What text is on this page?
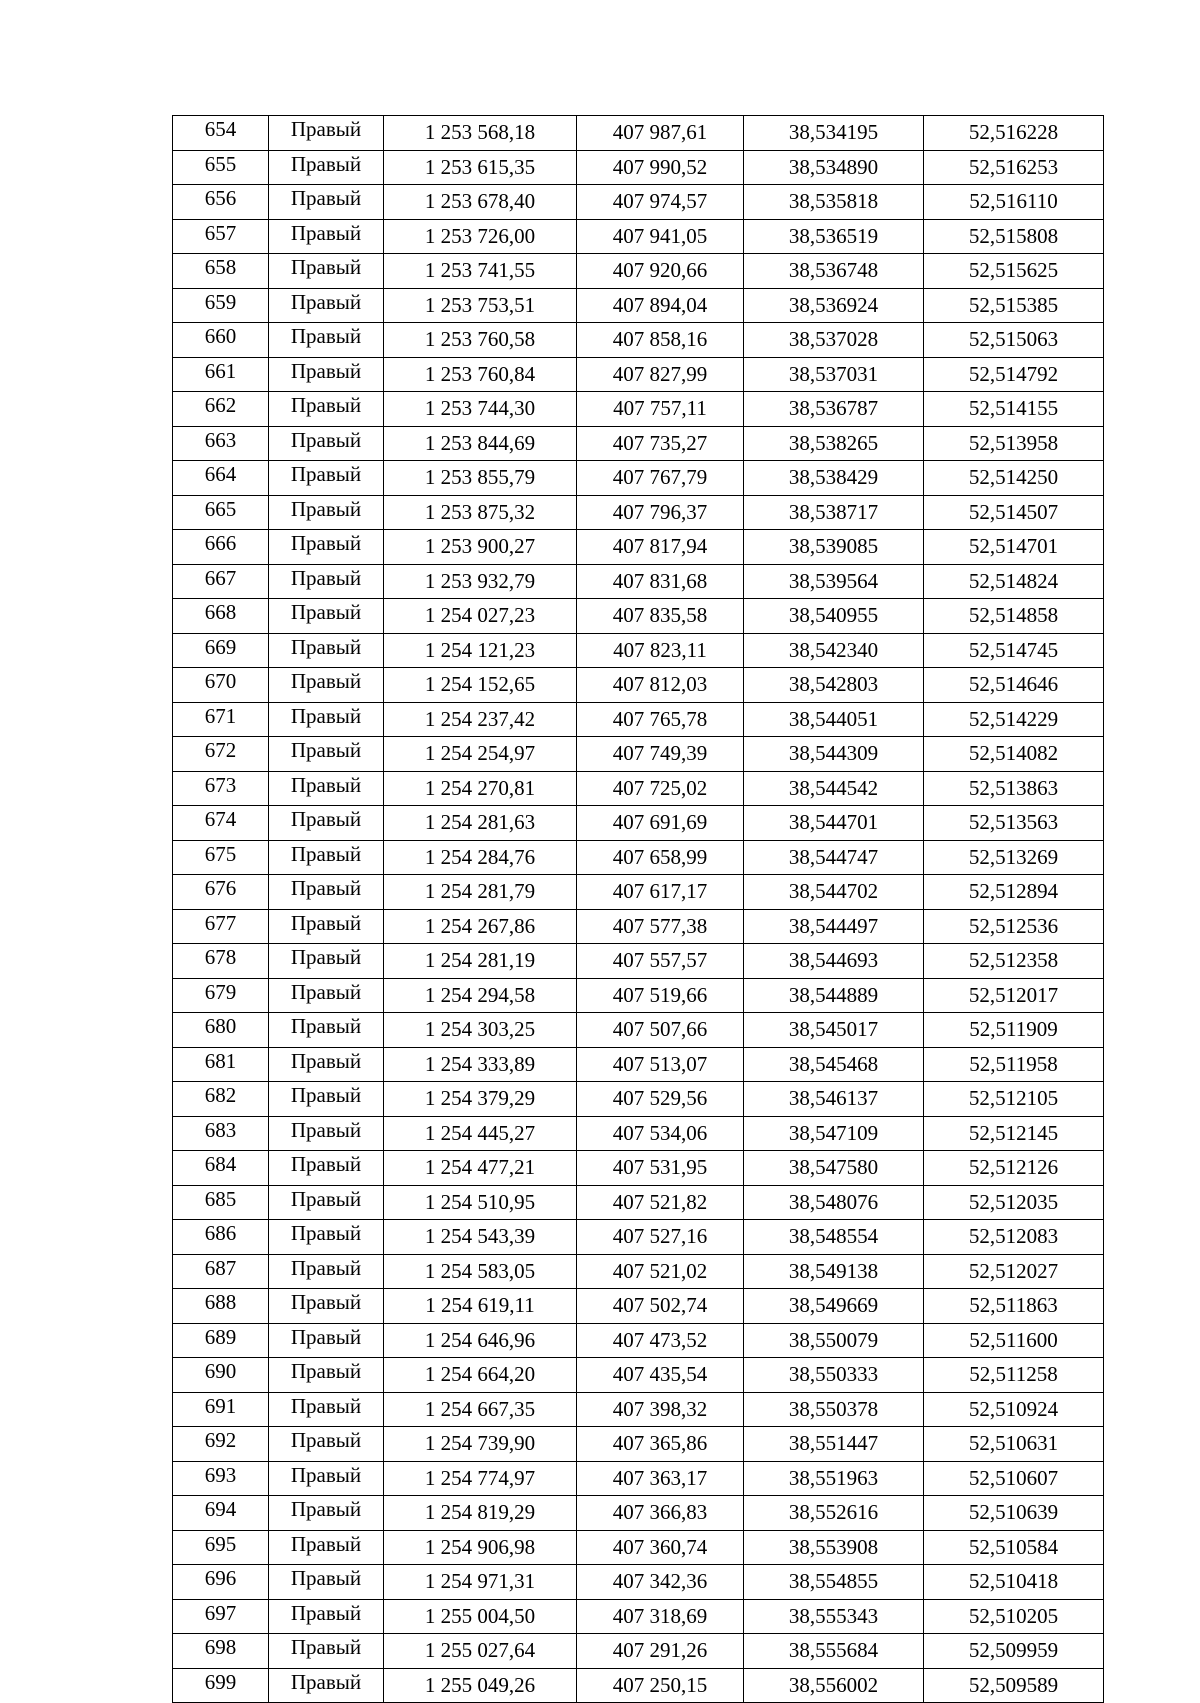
654	Правый	1 253 568,18	407 987,61	38,534195	52,516228
655	Правый	1 253 615,35	407 990,52	38,534890	52,516253
656	Правый	1 253 678,40	407 974,57	38,535818	52,516110
657	Правый	1 253 726,00	407 941,05	38,536519	52,515808
658	Правый	1 253 741,55	407 920,66	38,536748	52,515625
659	Правый	1 253 753,51	407 894,04	38,536924	52,515385
660	Правый	1 253 760,58	407 858,16	38,537028	52,515063
661	Правый	1 253 760,84	407 827,99	38,537031	52,514792
662	Правый	1 253 744,30	407 757,11	38,536787	52,514155
663	Правый	1 253 844,69	407 735,27	38,538265	52,513958
664	Правый	1 253 855,79	407 767,79	38,538429	52,514250
665	Правый	1 253 875,32	407 796,37	38,538717	52,514507
666	Правый	1 253 900,27	407 817,94	38,539085	52,514701
667	Правый	1 253 932,79	407 831,68	38,539564	52,514824
668	Правый	1 254 027,23	407 835,58	38,540955	52,514858
669	Правый	1 254 121,23	407 823,11	38,542340	52,514745
670	Правый	1 254 152,65	407 812,03	38,542803	52,514646
671	Правый	1 254 237,42	407 765,78	38,544051	52,514229
672	Правый	1 254 254,97	407 749,39	38,544309	52,514082
673	Правый	1 254 270,81	407 725,02	38,544542	52,513863
674	Правый	1 254 281,63	407 691,69	38,544701	52,513563
675	Правый	1 254 284,76	407 658,99	38,544747	52,513269
676	Правый	1 254 281,79	407 617,17	38,544702	52,512894
677	Правый	1 254 267,86	407 577,38	38,544497	52,512536
678	Правый	1 254 281,19	407 557,57	38,544693	52,512358
679	Правый	1 254 294,58	407 519,66	38,544889	52,512017
680	Правый	1 254 303,25	407 507,66	38,545017	52,511909
681	Правый	1 254 333,89	407 513,07	38,545468	52,511958
682	Правый	1 254 379,29	407 529,56	38,546137	52,512105
683	Правый	1 254 445,27	407 534,06	38,547109	52,512145
684	Правый	1 254 477,21	407 531,95	38,547580	52,512126
685	Правый	1 254 510,95	407 521,82	38,548076	52,512035
686	Правый	1 254 543,39	407 527,16	38,548554	52,512083
687	Правый	1 254 583,05	407 521,02	38,549138	52,512027
688	Правый	1 254 619,11	407 502,74	38,549669	52,511863
689	Правый	1 254 646,96	407 473,52	38,550079	52,511600
690	Правый	1 254 664,20	407 435,54	38,550333	52,511258
691	Правый	1 254 667,35	407 398,32	38,550378	52,510924
692	Правый	1 254 739,90	407 365,86	38,551447	52,510631
693	Правый	1 254 774,97	407 363,17	38,551963	52,510607
694	Правый	1 254 819,29	407 366,83	38,552616	52,510639
695	Правый	1 254 906,98	407 360,74	38,553908	52,510584
696	Правый	1 254 971,31	407 342,36	38,554855	52,510418
697	Правый	1 255 004,50	407 318,69	38,555343	52,510205
698	Правый	1 255 027,64	407 291,26	38,555684	52,509959
699	Правый	1 255 049,26	407 250,15	38,556002	52,509589
